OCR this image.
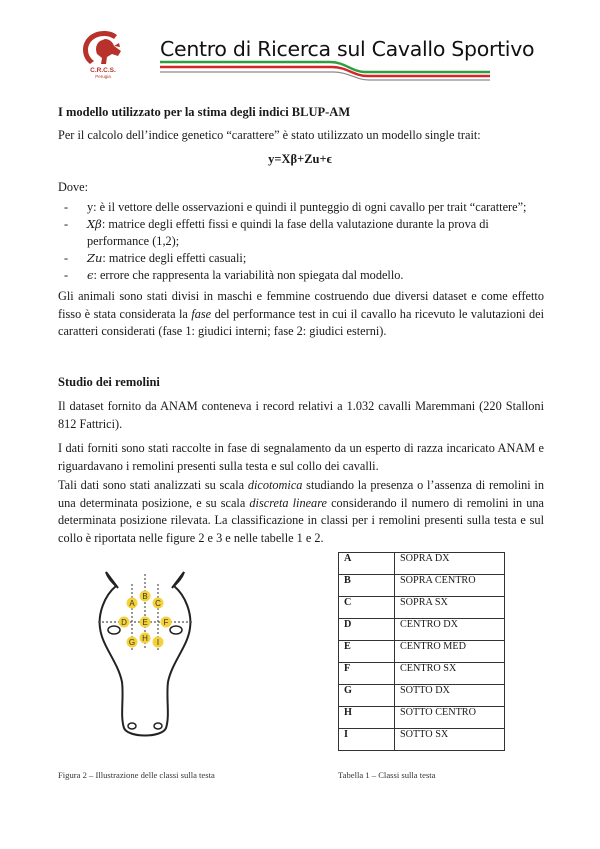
C.R.C.S.
Perugia
Centro di Ricerca sul Cavallo Sportivo
I modello utilizzato per la stima degli indici BLUP-AM
Per il calcolo dell’indice genetico “carattere” è stato utilizzato un modello single trait:
y=Xβ+Zu+ϵ
Dove:
- y: è il vettore delle osservazioni e quindi il punteggio di ogni cavallo per trait “carattere”;
- Xβ: matrice degli effetti fissi e quindi la fase della valutazione durante la prova di performance (1,2);
- Zu: matrice degli effetti casuali;
- ϵ: errore che rappresenta la variabilità non spiegata dal modello.
Gli animali sono stati divisi in maschi e femmine costruendo due diversi dataset e come effetto fisso è stata considerata la fase del performance test in cui il cavallo ha ricevuto le valutazioni dei caratteri considerati (fase 1: giudici interni; fase 2: giudici esterni).
Studio dei remolini
Il dataset fornito da ANAM conteneva i record relativi a 1.032 cavalli Maremmani (220 Stalloni 812 Fattrici).
I dati forniti sono stati raccolte in fase di segnalamento da un esperto di razza incaricato ANAM e riguardavano i remolini presenti sulla testa e sul collo dei cavalli.
Tali dati sono stati analizzati su scala dicotomica studiando la presenza o l’assenza di remolini in una determinata posizione, e su scala discreta lineare considerando il numero di remolini in una determinata posizione rilevata. La classificazione in classi per i remolini presenti sulla testa e sul collo è riportata nelle figure 2 e 3 e nelle tabelle 1 e 2.
A
B
C
D E F
G H I
A	SOPRA DX
B	SOPRA CENTRO
C	SOPRA SX
D	CENTRO DX
E	CENTRO MED
F	CENTRO SX
G	SOTTO DX
H	SOTTO CENTRO
I	SOTTO SX
Figura 2 – Illustrazione delle classi sulla testa	Tabella 1 – Classi sulla testa
